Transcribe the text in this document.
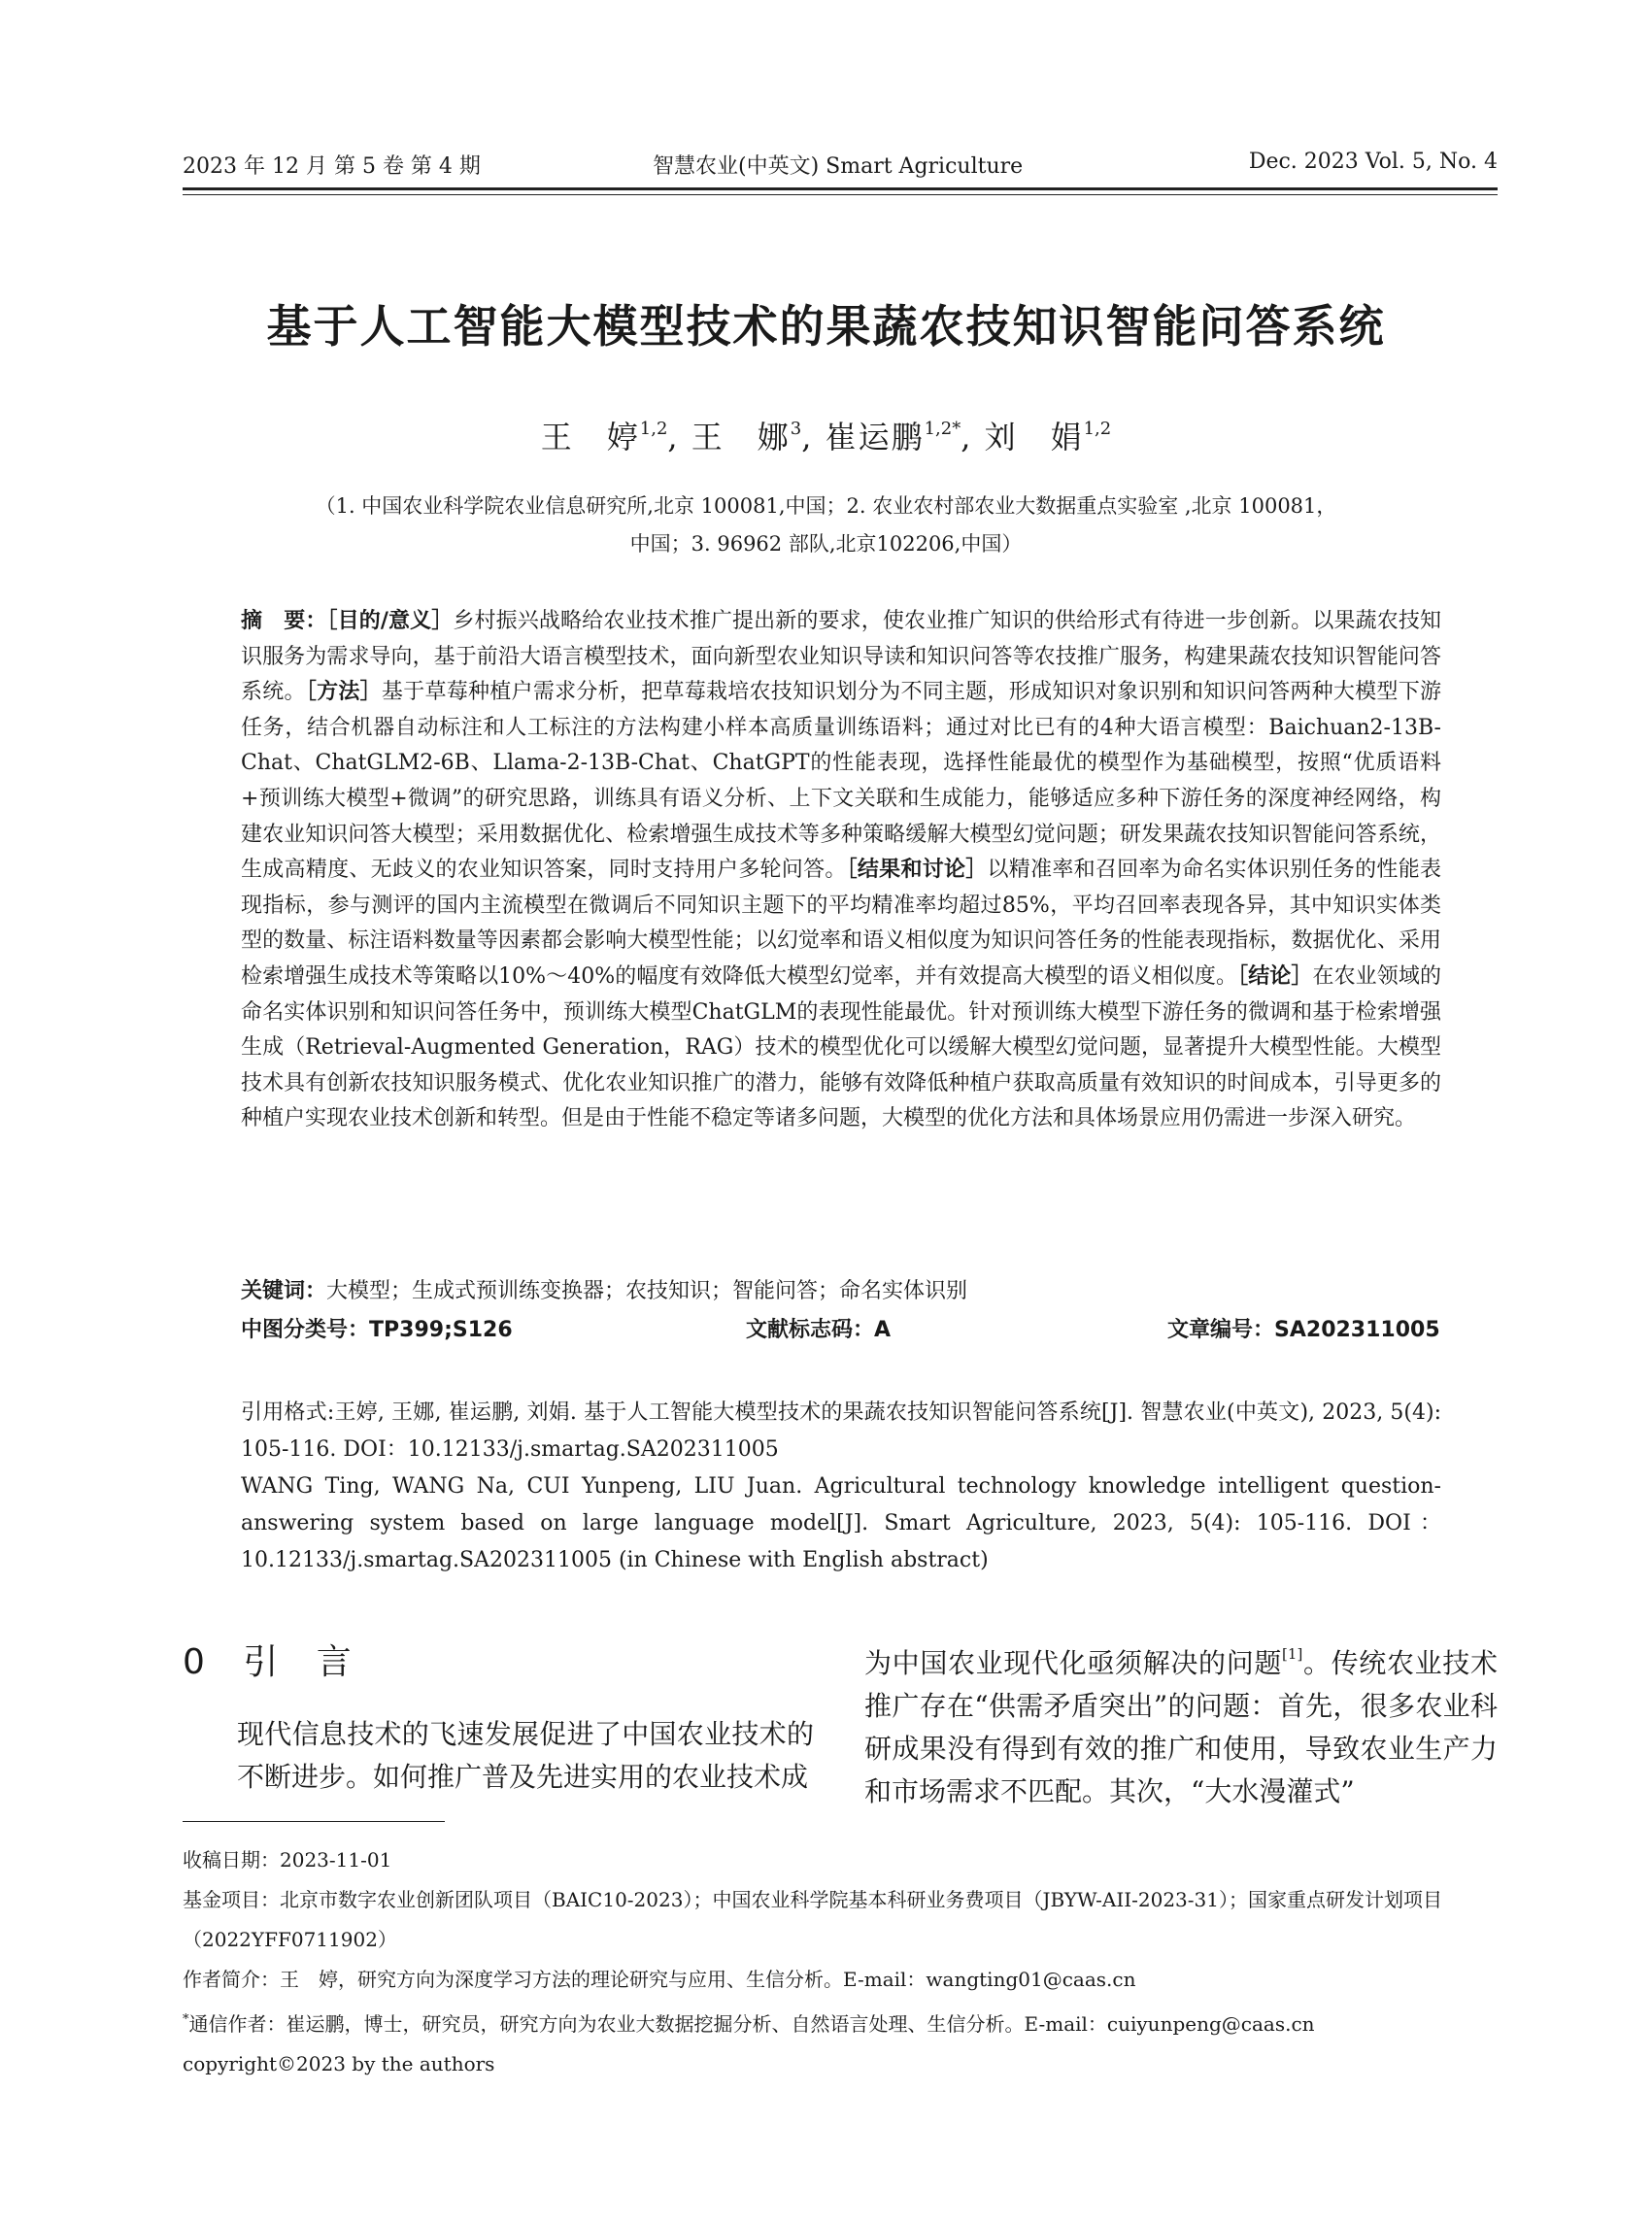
2023 年 12 月 第 5 卷 第 4 期	智慧农业(中英文) Smart Agriculture	Dec. 2023 Vol. 5, No. 4
基于人工智能大模型技术的果蔬农技知识智能问答系统
王　婷$^{1,2}$, 王　娜$^3$, 崔运鹏$^{1,2*}$, 刘　娟$^{1,2}$
（1. 中国农业科学院农业信息研究所,北京 100081,中国；2. 农业农村部农业大数据重点实验室 ,北京 100081，
中国；3. 96962 部队,北京102206,中国）
摘　要：［目的/意义］乡村振兴战略给农业技术推广提出新的要求，使农业推广知识的供给形式有待进一步创新。以果蔬农技知识服务为需求导向，基于前沿大语言模型技术，面向新型农业知识导读和知识问答等农技推广服务，构建果蔬农技知识智能问答系统。［方法］基于草莓种植户需求分析，把草莓栽培农技知识划分为不同主题，形成知识对象识别和知识问答两种大模型下游任务，结合机器自动标注和人工标注的方法构建小样本高质量训练语料；通过对比已有的4种大语言模型：Baichuan2-13B-Chat、ChatGLM2-6B、Llama-2-13B-Chat、ChatGPT的性能表现，选择性能最优的模型作为基础模型，按照“优质语料+预训练大模型+微调”的研究思路，训练具有语义分析、上下文关联和生成能力，能够适应多种下游任务的深度神经网络，构建农业知识问答大模型；采用数据优化、检索增强生成技术等多种策略缓解大模型幻觉问题；研发果蔬农技知识智能问答系统，生成高精度、无歧义的农业知识答案，同时支持用户多轮问答。［结果和讨论］以精准率和召回率为命名实体识别任务的性能表现指标，参与测评的国内主流模型在微调后不同知识主题下的平均精准率均超过85%，平均召回率表现各异，其中知识实体类型的数量、标注语料数量等因素都会影响大模型性能；以幻觉率和语义相似度为知识问答任务的性能表现指标，数据优化、采用检索增强生成技术等策略以10%～40%的幅度有效降低大模型幻觉率，并有效提高大模型的语义相似度。［结论］在农业领域的命名实体识别和知识问答任务中，预训练大模型ChatGLM的表现性能最优。针对预训练大模型下游任务的微调和基于检索增强生成（Retrieval-Augmented Generation，RAG）技术的模型优化可以缓解大模型幻觉问题，显著提升大模型性能。大模型技术具有创新农技知识服务模式、优化农业知识推广的潜力，能够有效降低种植户获取高质量有效知识的时间成本，引导更多的种植户实现农业技术创新和转型。但是由于性能不稳定等诸多问题，大模型的优化方法和具体场景应用仍需进一步深入研究。
关键词：大模型；生成式预训练变换器；农技知识；智能问答；命名实体识别
中图分类号：TP399;S126	文献标志码：A	文章编号：SA202311005
引用格式:王婷, 王娜, 崔运鹏, 刘娟. 基于人工智能大模型技术的果蔬农技知识智能问答系统[J]. 智慧农业(中英文), 2023, 5(4): 105-116. DOI：10.12133/j.smartag.SA202311005
WANG Ting, WANG Na, CUI Yunpeng, LIU Juan. Agricultural technology knowledge intelligent question-answering system based on large language model[J]. Smart Agriculture, 2023, 5(4): 105-116. DOI：10.12133/j.smartag.SA202311005 (in Chinese with English abstract)
0 引 言
现代信息技术的飞速发展促进了中国农业技术的不断进步。如何推广普及先进实用的农业技术成
为中国农业现代化亟须解决的问题[1]。传统农业技术推广存在“供需矛盾突出”的问题：首先，很多农业科研成果没有得到有效的推广和使用，导致农业生产力和市场需求不匹配。其次，“大水漫灌式”
收稿日期：2023-11-01
基金项目：北京市数字农业创新团队项目（BAIC10-2023）；中国农业科学院基本科研业务费项目（JBYW-AII-2023-31）；国家重点研发计划项目（2022YFF0711902）
作者简介：王　婷，研究方向为深度学习方法的理论研究与应用、生信分析。E-mail：wangting01@caas.cn
*通信作者：崔运鹏，博士，研究员，研究方向为农业大数据挖掘分析、自然语言处理、生信分析。E-mail：cuiyunpeng@caas.cn
copyright©2023 by the authors
